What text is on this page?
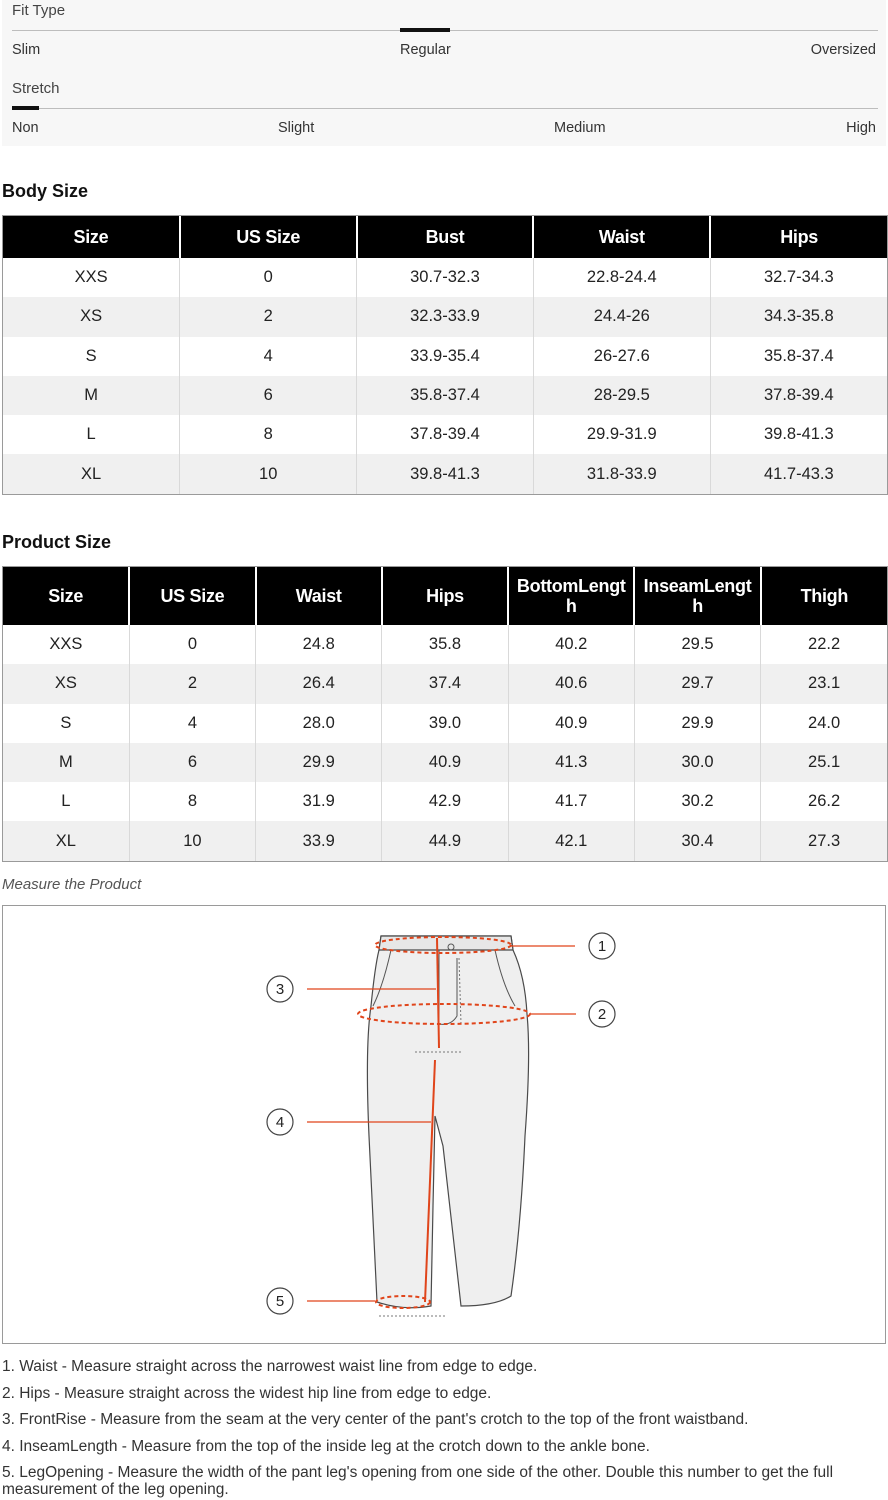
Fit Type
Slim	Regular	Oversized
Stretch
Non	Slight	Medium	High
Body Size
Size	US Size	Bust	Waist	Hips
XXS	0	30.7-32.3	22.8-24.4	32.7-34.3
XS	2	32.3-33.9	24.4-26	34.3-35.8
S	4	33.9-35.4	26-27.6	35.8-37.4
M	6	35.8-37.4	28-29.5	37.8-39.4
L	8	37.8-39.4	29.9-31.9	39.8-41.3
XL	10	39.8-41.3	31.8-33.9	41.7-43.3
Product Size
Size	US Size	Waist	Hips	BottomLength	InseamLength	Thigh
XXS	0	24.8	35.8	40.2	29.5	22.2
XS	2	26.4	37.4	40.6	29.7	23.1
S	4	28.0	39.0	40.9	29.9	24.0
M	6	29.9	40.9	41.3	30.0	25.1
L	8	31.9	42.9	41.7	30.2	26.2
XL	10	33.9	44.9	42.1	30.4	27.3
Measure the Product
1
2
3
4
5
1. Waist - Measure straight across the narrowest waist line from edge to edge.
2. Hips - Measure straight across the widest hip line from edge to edge.
3. FrontRise - Measure from the seam at the very center of the pant's crotch to the top of the front waistband.
4. InseamLength - Measure from the top of the inside leg at the crotch down to the ankle bone.
5. LegOpening - Measure the width of the pant leg's opening from one side of the other. Double this number to get the full measurement of the leg opening.
